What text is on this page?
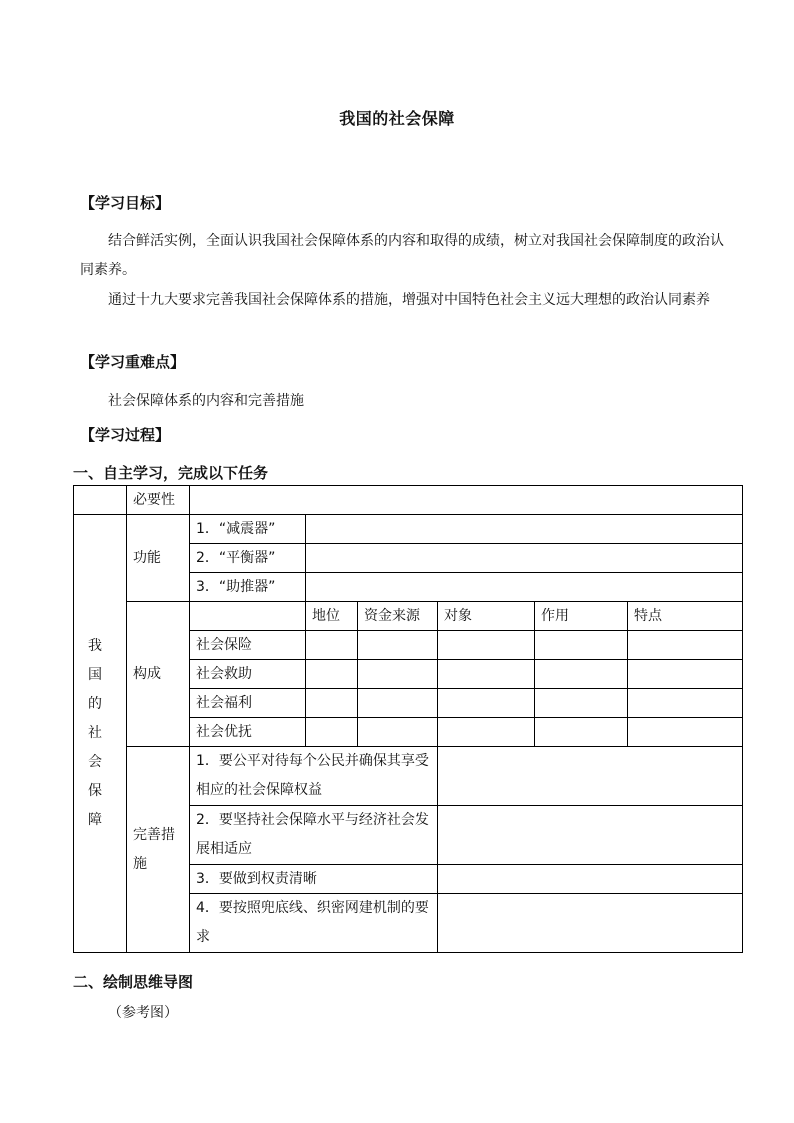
我国的社会保障
【学习目标】
结合鲜活实例，全面认识我国社会保障体系的内容和取得的成绩，树立对我国社会保障制度的政治认同素养。
通过十九大要求完善我国社会保障体系的措施，增强对中国特色社会主义远大理想的政治认同素养
【学习重难点】
社会保障体系的内容和完善措施
【学习过程】
一、自主学习，完成以下任务
	必要性						
我国的社会保障	功能	1．“减震器”					
		2．“平衡器”					
		3．“助推器”					
	构成		地位	资金来源	对象	作用	特点
		社会保险					
		社会救助					
		社会福利					
		社会优抚					
	完善措施	1．要公平对待每个公民并确保其享受相应的社会保障权益					
		2．要坚持社会保障水平与经济社会发展相适应					
		3．要做到权责清晰					
		4．要按照兜底线、织密网建机制的要求					
二、绘制思维导图
（参考图）
